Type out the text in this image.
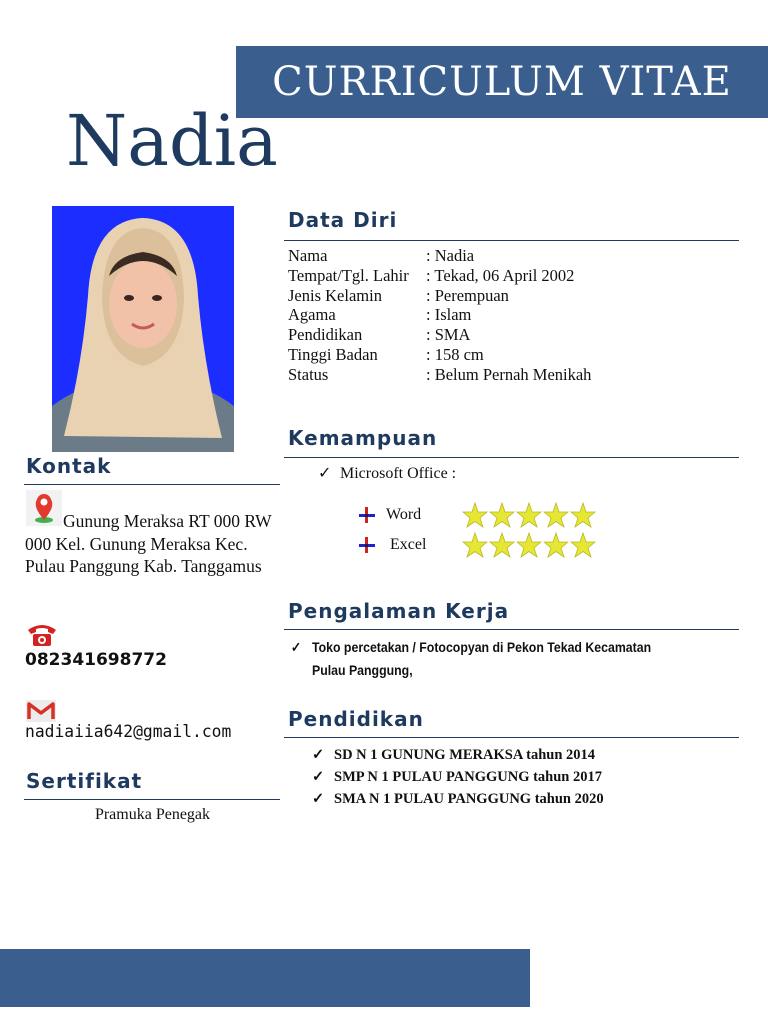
CURRICULUM VITAE
Nadia
Data Diri
Nama	: Nadia
Tempat/Tgl. Lahir	: Tekad, 06 April 2002
Jenis Kelamin	: Perempuan
Agama	: Islam
Pendidikan	: SMA
Tinggi Badan	: 158 cm
Status	: Belum Pernah Menikah
Kemampuan
✓ Microsoft Office :
Word
Excel
Pengalaman Kerja
✓ Toko percetakan / Fotocopyan di Pekon Tekad Kecamatan Pulau Panggung,
Pendidikan
✓ SD N 1 GUNUNG MERAKSA tahun 2014
✓ SMP N 1 PULAU PANGGUNG tahun 2017
✓ SMA N 1 PULAU PANGGUNG tahun 2020
Kontak
Gunung Meraksa RT 000 RW 000 Kel. Gunung Meraksa Kec. Pulau Panggung Kab. Tanggamus
082341698772
nadiaiia642@gmail.com
Sertifikat
Pramuka Penegak
